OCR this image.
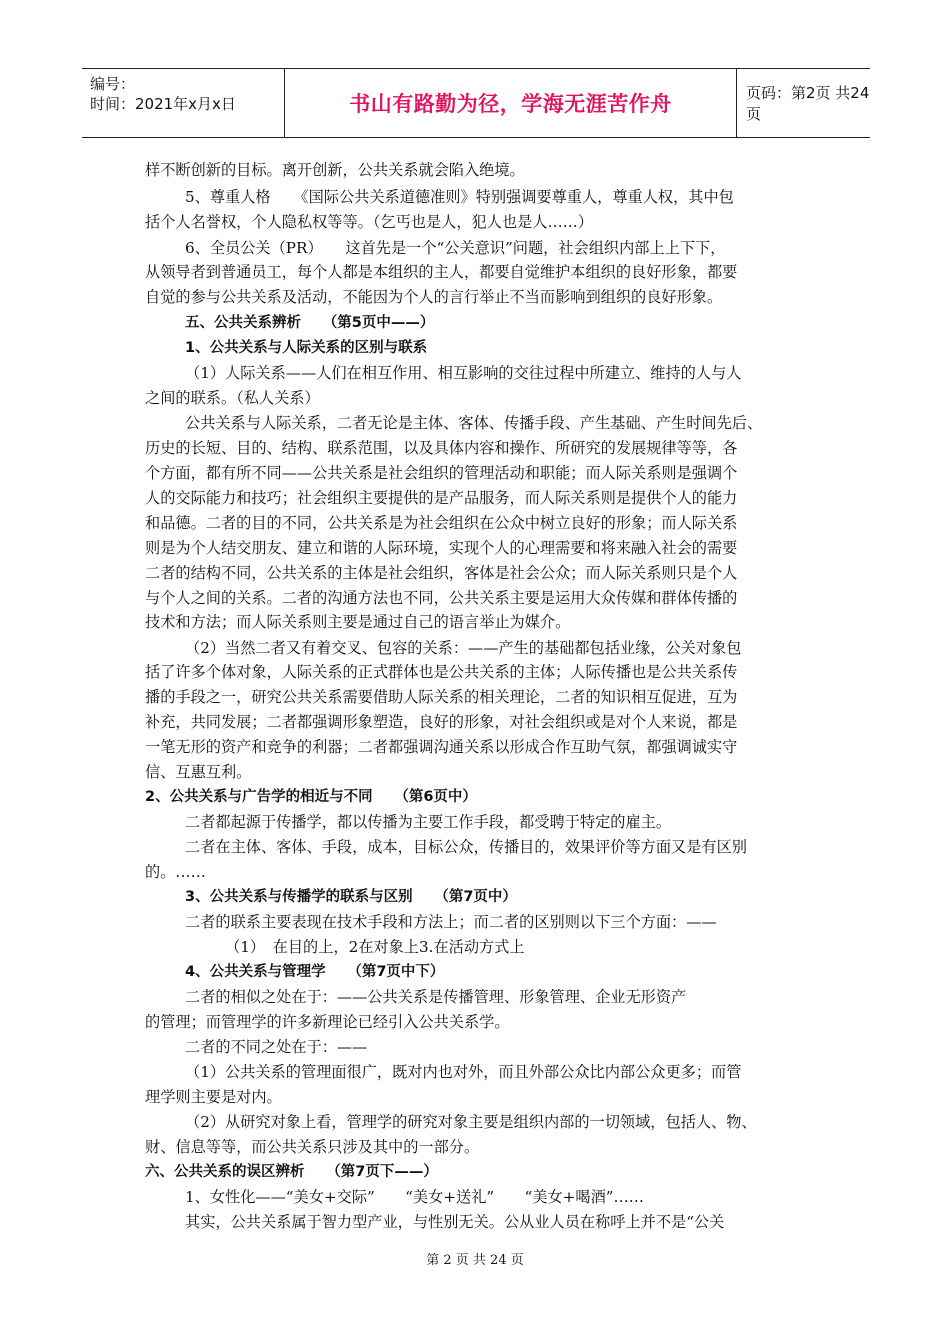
编号：
时间：2021年x月x日	书山有路勤为径，学海无涯苦作舟	页码：第2页 共24页
样不断创新的目标。离开创新，公共关系就会陷入绝境。
5、尊重人格　　《国际公共关系道德准则》特别强调要尊重人，尊重人权，其中包
括个人名誉权，个人隐私权等等。（乞丐也是人，犯人也是人……）
6、全员公关（PR）　　这首先是一个“公关意识”问题，社会组织内部上上下下，
从领导者到普通员工，每个人都是本组织的主人，都要自觉维护本组织的良好形象，都要
自觉的参与公共关系及活动，不能因为个人的言行举止不当而影响到组织的良好形象。
五、公共关系辨析　　（第5页中——）
1、公共关系与人际关系的区别与联系
（1）人际关系——人们在相互作用、相互影响的交往过程中所建立、维持的人与人
之间的联系。（私人关系）
公共关系与人际关系，二者无论是主体、客体、传播手段、产生基础、产生时间先后、
历史的长短、目的、结构、联系范围，以及具体内容和操作、所研究的发展规律等等，各
个方面，都有所不同——公共关系是社会组织的管理活动和职能；而人际关系则是强调个
人的交际能力和技巧；社会组织主要提供的是产品服务，而人际关系则是提供个人的能力
和品德。二者的目的不同，公共关系是为社会组织在公众中树立良好的形象；而人际关系
则是为个人结交朋友、建立和谐的人际环境，实现个人的心理需要和将来融入社会的需要
二者的结构不同，公共关系的主体是社会组织，客体是社会公众；而人际关系则只是个人
与个人之间的关系。二者的沟通方法也不同，公共关系主要是运用大众传媒和群体传播的
技术和方法；而人际关系则主要是通过自己的语言举止为媒介。
（2）当然二者又有着交叉、包容的关系：——产生的基础都包括业缘，公关对象包
括了许多个体对象，人际关系的正式群体也是公共关系的主体；人际传播也是公共关系传
播的手段之一，研究公共关系需要借助人际关系的相关理论，二者的知识相互促进，互为
补充，共同发展；二者都强调形象塑造，良好的形象，对社会组织或是对个人来说，都是
一笔无形的资产和竞争的利器；二者都强调沟通关系以形成合作互助气氛，都强调诚实守
信、互惠互利。
2、公共关系与广告学的相近与不同　　（第6页中）
二者都起源于传播学，都以传播为主要工作手段，都受聘于特定的雇主。
二者在主体、客体、手段，成本，目标公众，传播目的，效果评价等方面又是有区别
的。……
3、公共关系与传播学的联系与区别　　（第7页中）
二者的联系主要表现在技术手段和方法上；而二者的区别则以下三个方面：——
（1）　在目的上，2在对象上3.在活动方式上
4、公共关系与管理学　　（第7页中下）
二者的相似之处在于：——公共关系是传播管理、形象管理、企业无形资产
的管理；而管理学的许多新理论已经引入公共关系学。
二者的不同之处在于：——
（1）公共关系的管理面很广，既对内也对外，而且外部公众比内部公众更多；而管
理学则主要是对内。
（2）从研究对象上看，管理学的研究对象主要是组织内部的一切领域，包括人、物、
财、信息等等，而公共关系只涉及其中的一部分。
六、公共关系的误区辨析　　（第7页下——）
1、女性化——“美女+交际”　　“美女+送礼”　　“美女+喝酒”……
其实，公共关系属于智力型产业，与性别无关。公从业人员在称呼上并不是“公关
第 2 页 共 24 页
